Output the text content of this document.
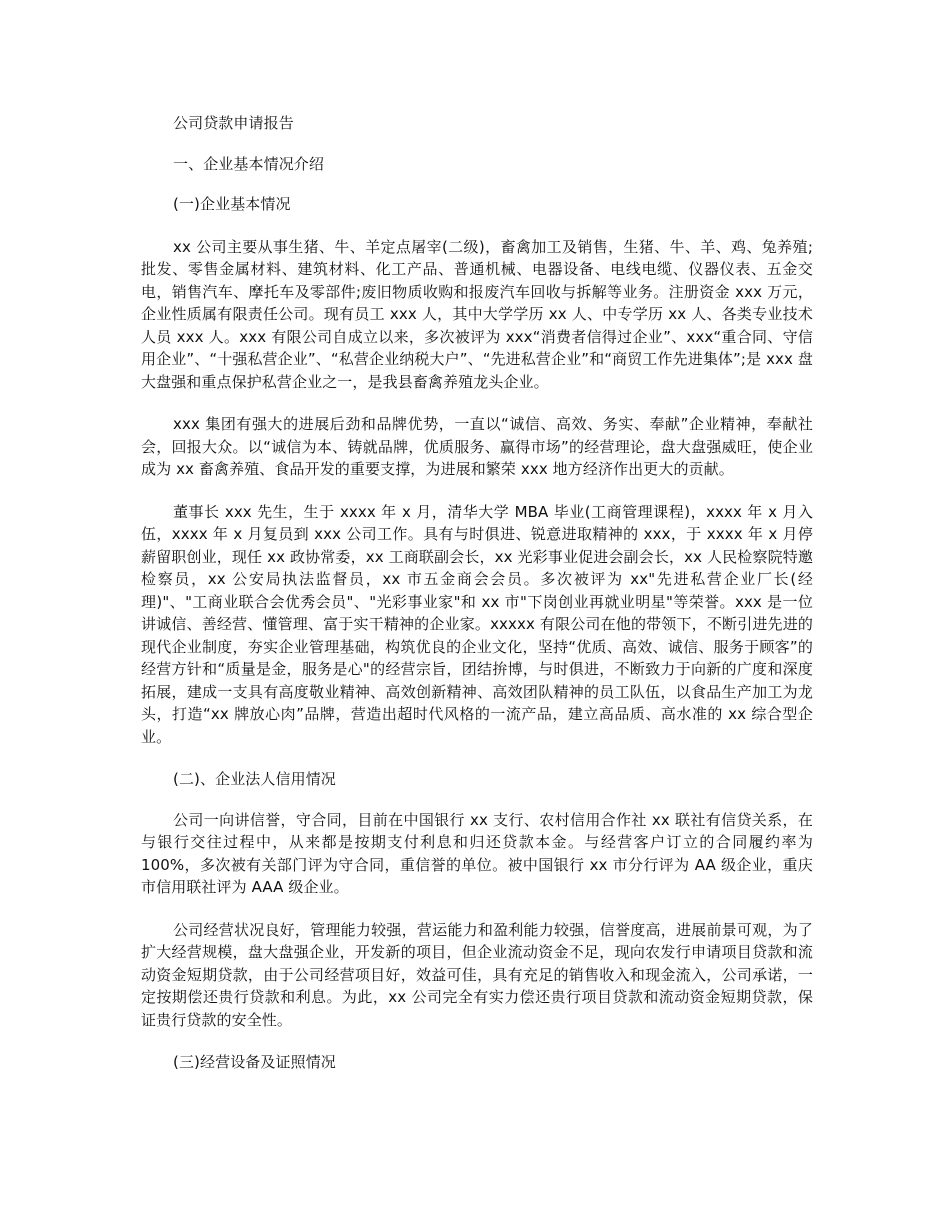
公司贷款申请报告

一、企业基本情况介绍

(一)企业基本情况

xx 公司主要从事生猪、牛、羊定点屠宰(二级)，畜禽加工及销售，生猪、牛、羊、鸡、兔养殖;批发、零售金属材料、建筑材料、化工产品、普通机械、电器设备、电线电缆、仪器仪表、五金交电，销售汽车、摩托车及零部件;废旧物质收购和报废汽车回收与拆解等业务。注册资金 xxx 万元，企业性质属有限责任公司。现有员工 xxx 人，其中大学学历 xx 人、中专学历 xx 人、各类专业技术人员 xxx 人。xxx 有限公司自成立以来，多次被评为 xxx“消费者信得过企业”、xxx“重合同、守信用企业”、“十强私营企业”、“私营企业纳税大户”、“先进私营企业”和“商贸工作先进集体”;是 xxx 盘大盘强和重点保护私营企业之一，是我县畜禽养殖龙头企业。

xxx 集团有强大的进展后劲和品牌优势，一直以“诚信、高效、务实、奉献”企业精神，奉献社会，回报大众。以“诚信为本、铸就品牌，优质服务、赢得市场”的经营理论，盘大盘强威旺，使企业成为 xx 畜禽养殖、食品开发的重要支撑，为进展和繁荣 xxx 地方经济作出更大的贡献。

董事长 xxx 先生，生于 xxxx 年 x 月，清华大学 MBA 毕业(工商管理课程)，xxxx 年 x 月入伍，xxxx 年 x 月复员到 xxx 公司工作。具有与时俱进、锐意进取精神的 xxx，于 xxxx 年 x 月停薪留职创业，现任 xx 政协常委，xx 工商联副会长，xx 光彩事业促进会副会长，xx 人民检察院特邀检察员，xx 公安局执法监督员，xx 市五金商会会员。多次被评为 xx"先进私营企业厂长(经理)"、"工商业联合会优秀会员"、"光彩事业家"和 xx 市"下岗创业再就业明星"等荣誉。xxx 是一位讲诚信、善经营、懂管理、富于实干精神的企业家。xxxxx 有限公司在他的带领下，不断引进先进的现代企业制度，夯实企业管理基础，构筑优良的企业文化，坚持“优质、高效、诚信、服务于顾客”的经营方针和“质量是金，服务是心"的经营宗旨，团结拚博，与时俱进，不断致力于向新的广度和深度拓展，建成一支具有高度敬业精神、高效创新精神、高效团队精神的员工队伍，以食品生产加工为龙头，打造“xx 牌放心肉”品牌，营造出超时代风格的一流产品，建立高品质、高水准的 xx 综合型企业。

(二)、企业法人信用情况

公司一向讲信誉，守合同，目前在中国银行 xx 支行、农村信用合作社 xx 联社有信贷关系，在与银行交往过程中，从来都是按期支付利息和归还贷款本金。与经营客户订立的合同履约率为 100%，多次被有关部门评为守合同，重信誉的单位。被中国银行 xx 市分行评为 AA 级企业，重庆市信用联社评为 AAA 级企业。

公司经营状况良好，管理能力较强，营运能力和盈利能力较强，信誉度高，进展前景可观，为了扩大经营规模，盘大盘强企业，开发新的项目，但企业流动资金不足，现向农发行申请项目贷款和流动资金短期贷款，由于公司经营项目好，效益可佳，具有充足的销售收入和现金流入，公司承诺，一定按期偿还贵行贷款和利息。为此，xx 公司完全有实力偿还贵行项目贷款和流动资金短期贷款，保证贵行贷款的安全性。

(三)经营设备及证照情况
